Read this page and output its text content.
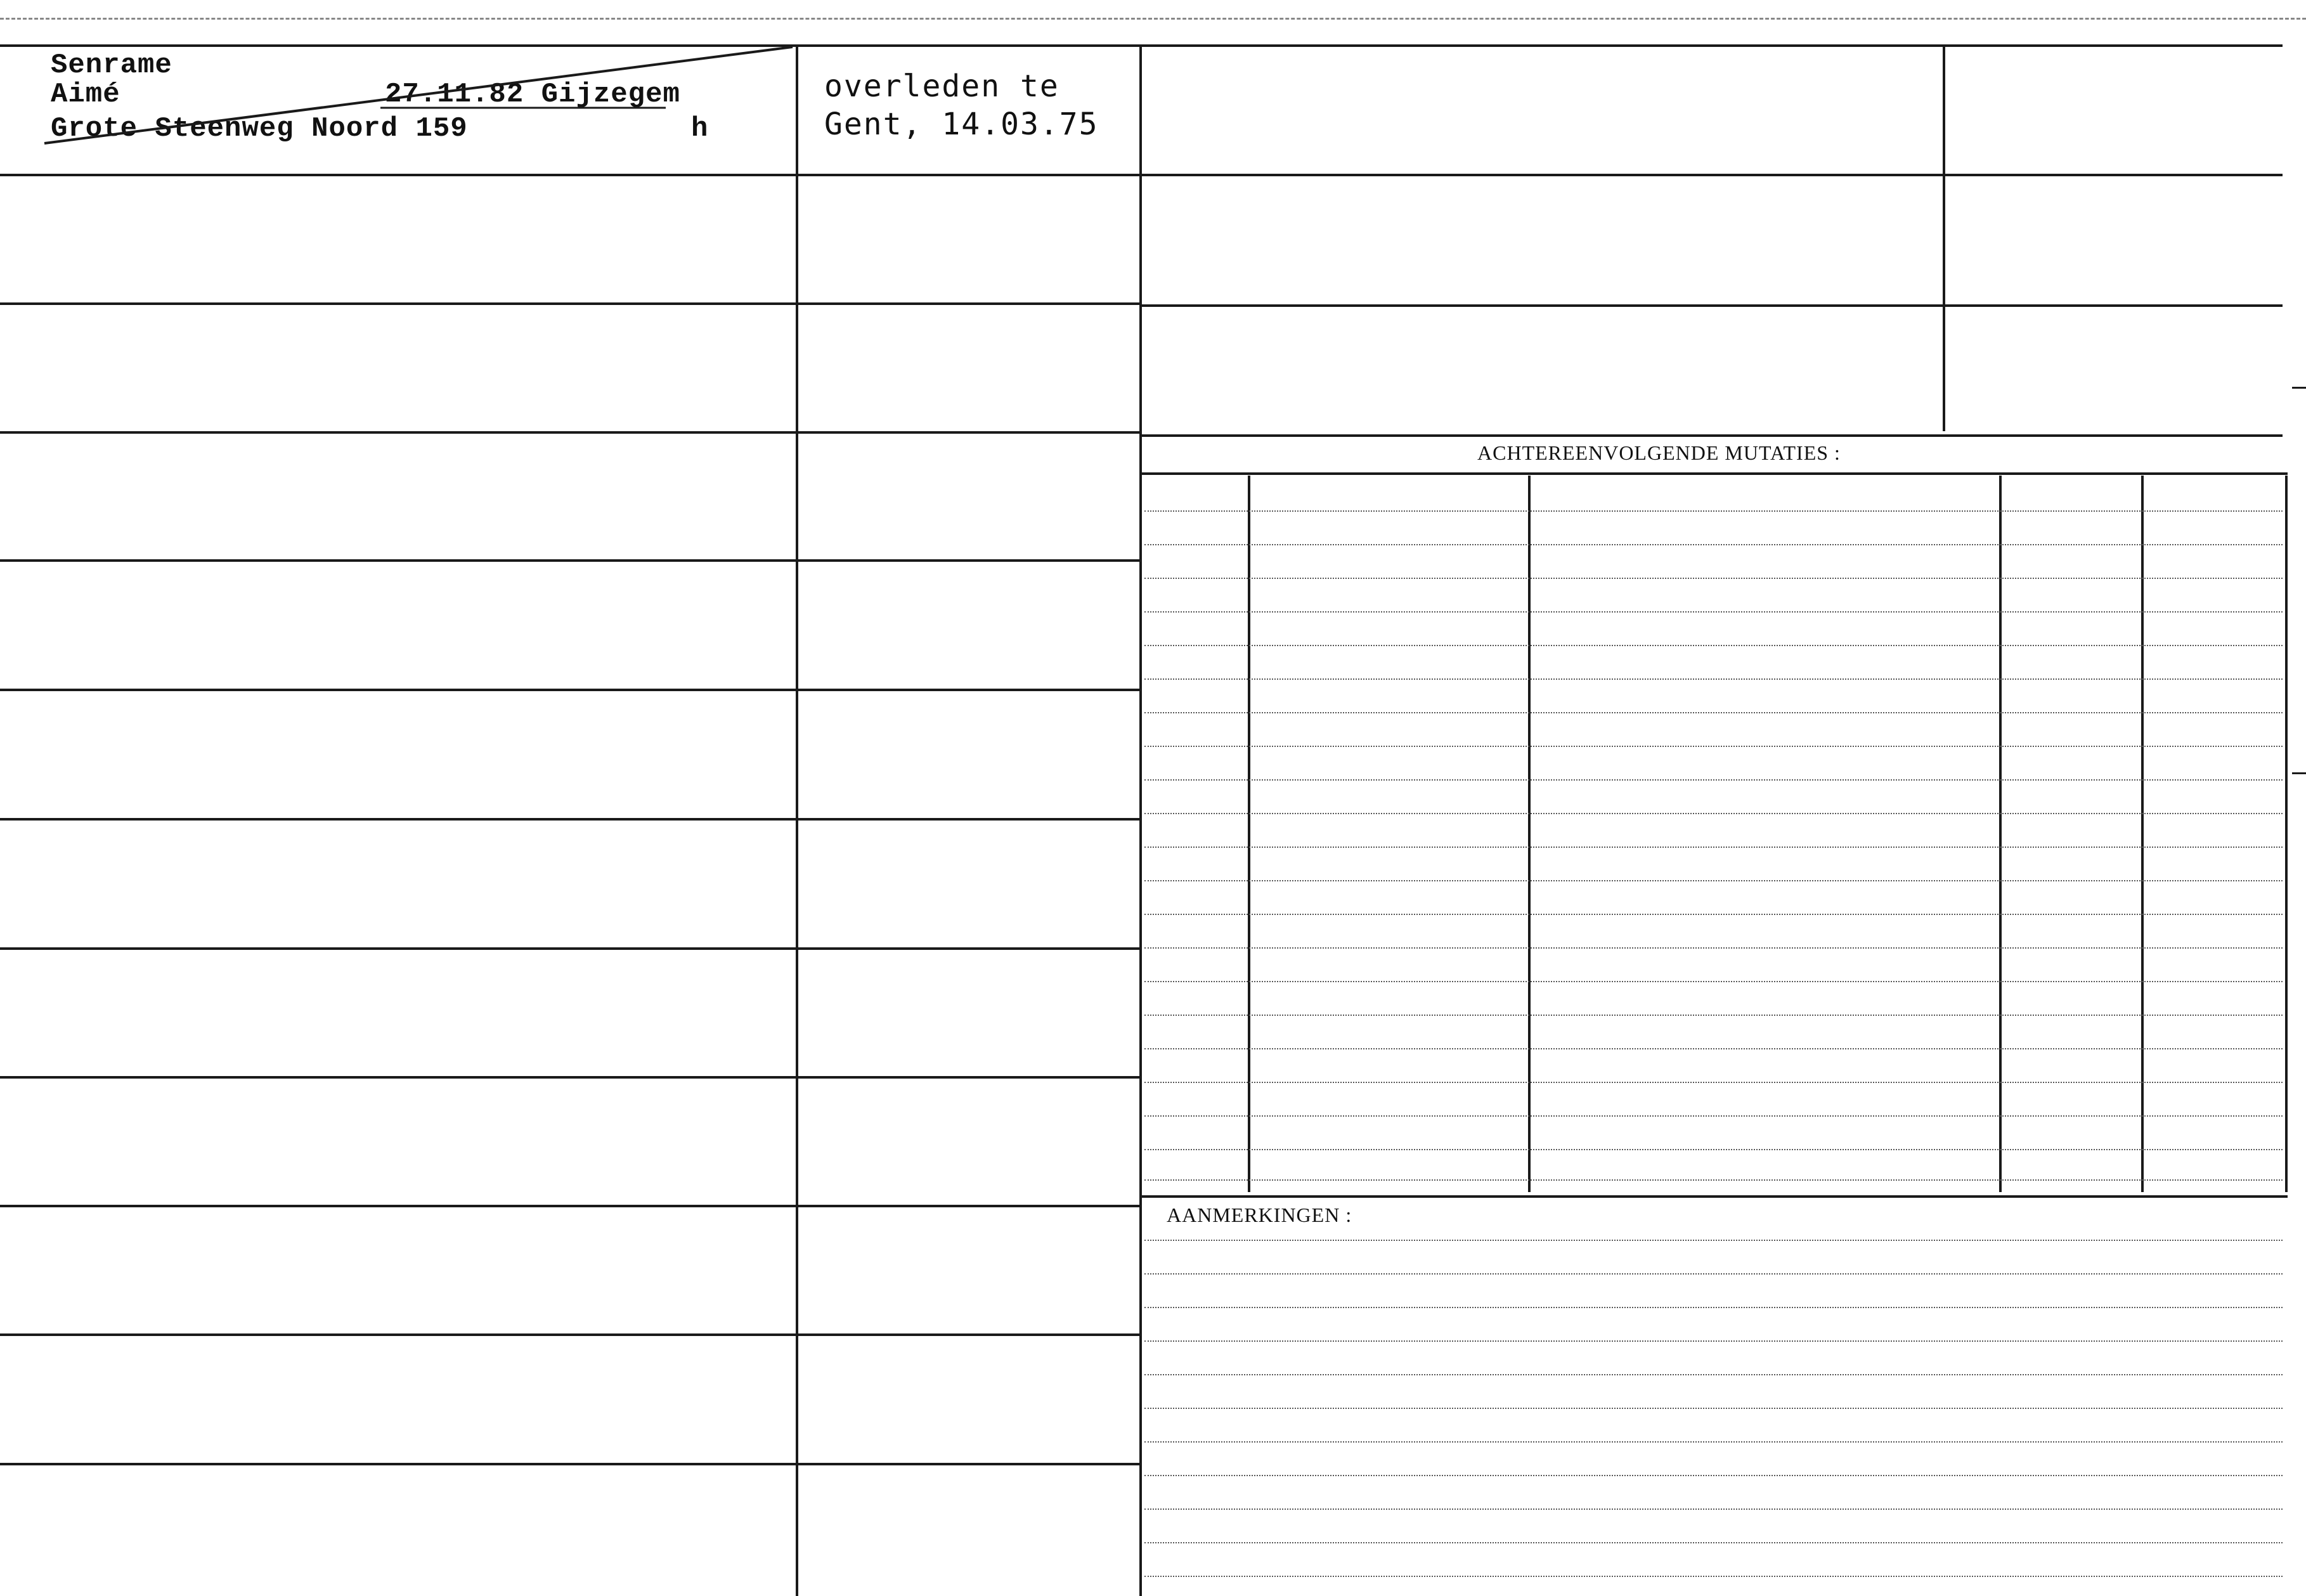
Senrame
Aimé	27.11.82 Gijzegem
Grote Steenweg Noord 159	h
overleden te
Gent, 14.03.75
ACHTEREENVOLGENDE MUTATIES :
AANMERKINGEN :
